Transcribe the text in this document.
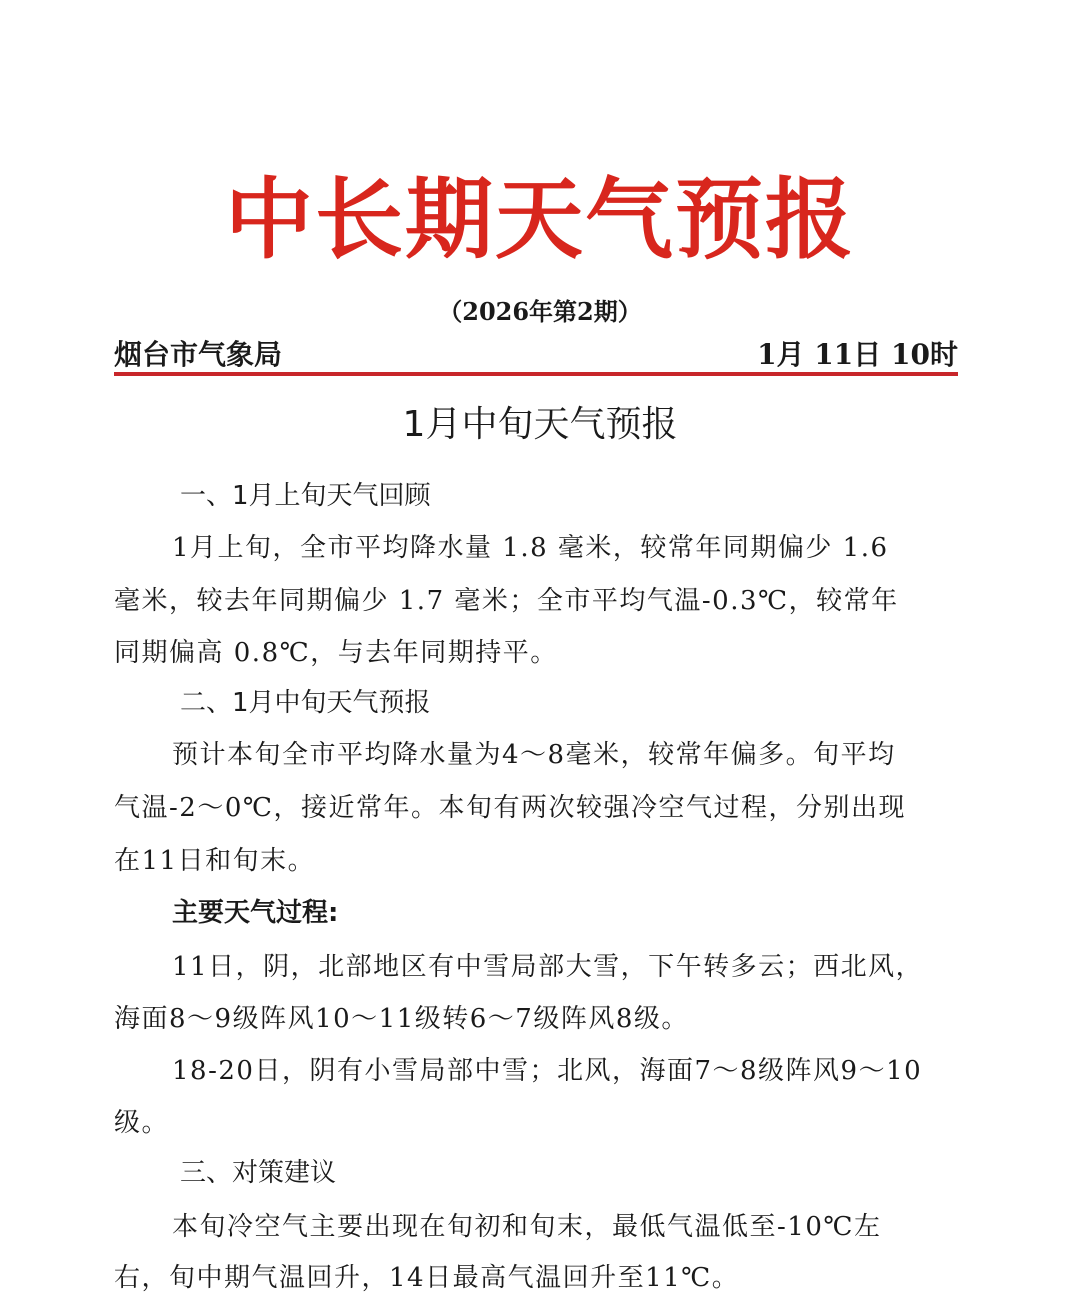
中长期天气预报
（2026年第2期）
烟台市气象局	1月 11日 10时
1月中旬天气预报
一、1月上旬天气回顾
1月上旬，全市平均降水量 1.8 毫米，较常年同期偏少 1.6
毫米，较去年同期偏少 1.7 毫米；全市平均气温-0.3℃，较常年
同期偏高 0.8℃，与去年同期持平。
二、1月中旬天气预报
预计本旬全市平均降水量为4～8毫米，较常年偏多。旬平均
气温-2～0℃，接近常年。本旬有两次较强冷空气过程，分别出现
在11日和旬末。
主要天气过程:
11日，阴，北部地区有中雪局部大雪，下午转多云；西北风，
海面8～9级阵风10～11级转6～7级阵风8级。
18-20日，阴有小雪局部中雪；北风，海面7～8级阵风9～10
级。
三、对策建议
本旬冷空气主要出现在旬初和旬末，最低气温低至-10℃左
右，旬中期气温回升，14日最高气温回升至11℃。
